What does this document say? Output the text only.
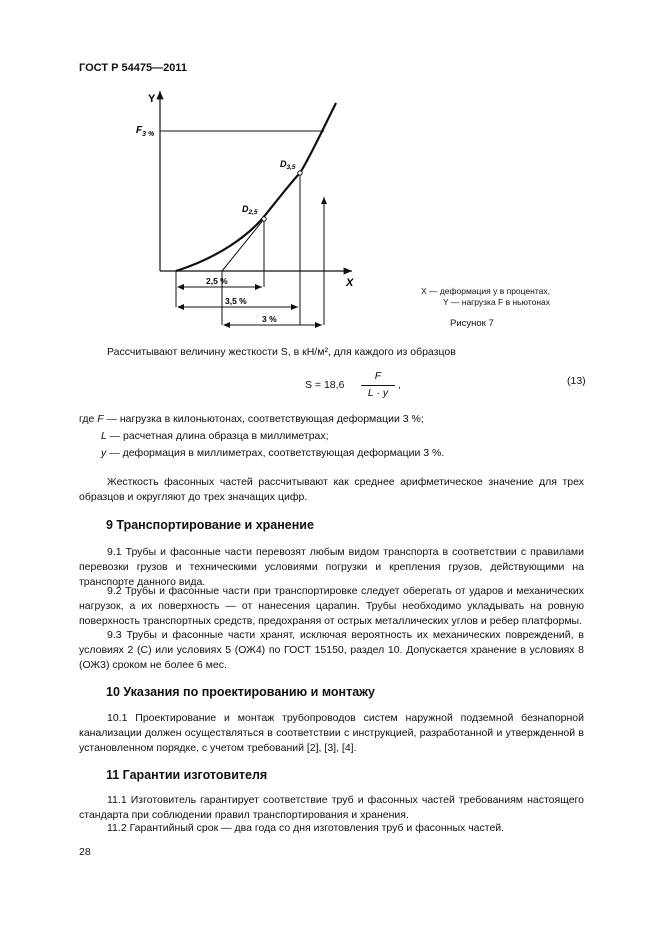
ГОСТ Р 54475—2011
Y
X
$F_{3 \%}$
$D_{3,5}$
$D_{2,5}$
2,5 %
3,5 %
3 %
X — деформация у в процентах,
Y — нагрузка F в ньютонах
Рисунок 7
Рассчитывают величину жесткости S, в кН/м², для каждого из образцов
S = 18,6
F
L · y
,	(13)
где F — нагрузка в килоньютонах, соответствующая деформации 3 %;
L — расчетная длина образца в миллиметрах;
y — деформация в миллиметрах, соответствующая деформации 3 %.
Жесткость фасонных частей рассчитывают как среднее арифметическое значение для трех образцов и округляют до трех значащих цифр.
9 Транспортирование и хранение
9.1 Трубы и фасонные части перевозят любым видом транспорта в соответствии с правилами перевозки грузов и техническими условиями погрузки и крепления грузов, действующими на транспорте данного вида.
9.2 Трубы и фасонные части при транспортировке следует оберегать от ударов и механических нагрузок, а их поверхность — от нанесения царапин. Трубы необходимо укладывать на ровную поверхность транспортных средств, предохраняя от острых металлических углов и ребер платформы.
9.3 Трубы и фасонные части хранят, исключая вероятность их механических повреждений, в условиях 2 (С) или условиях 5 (ОЖ4) по ГОСТ 15150, раздел 10. Допускается хранение в условиях 8 (ОЖ3) сроком не более 6 мес.
10 Указания по проектированию и монтажу
10.1 Проектирование и монтаж трубопроводов систем наружной подземной безнапорной канализации должен осуществляться в соответствии с инструкцией, разработанной и утвержденной в установленном порядке, с учетом требований [2], [3], [4].
11 Гарантии изготовителя
11.1 Изготовитель гарантирует соответствие труб и фасонных частей требованиям настоящего стандарта при соблюдении правил транспортирования и хранения.
11.2 Гарантийный срок — два года со дня изготовления труб и фасонных частей.
28
